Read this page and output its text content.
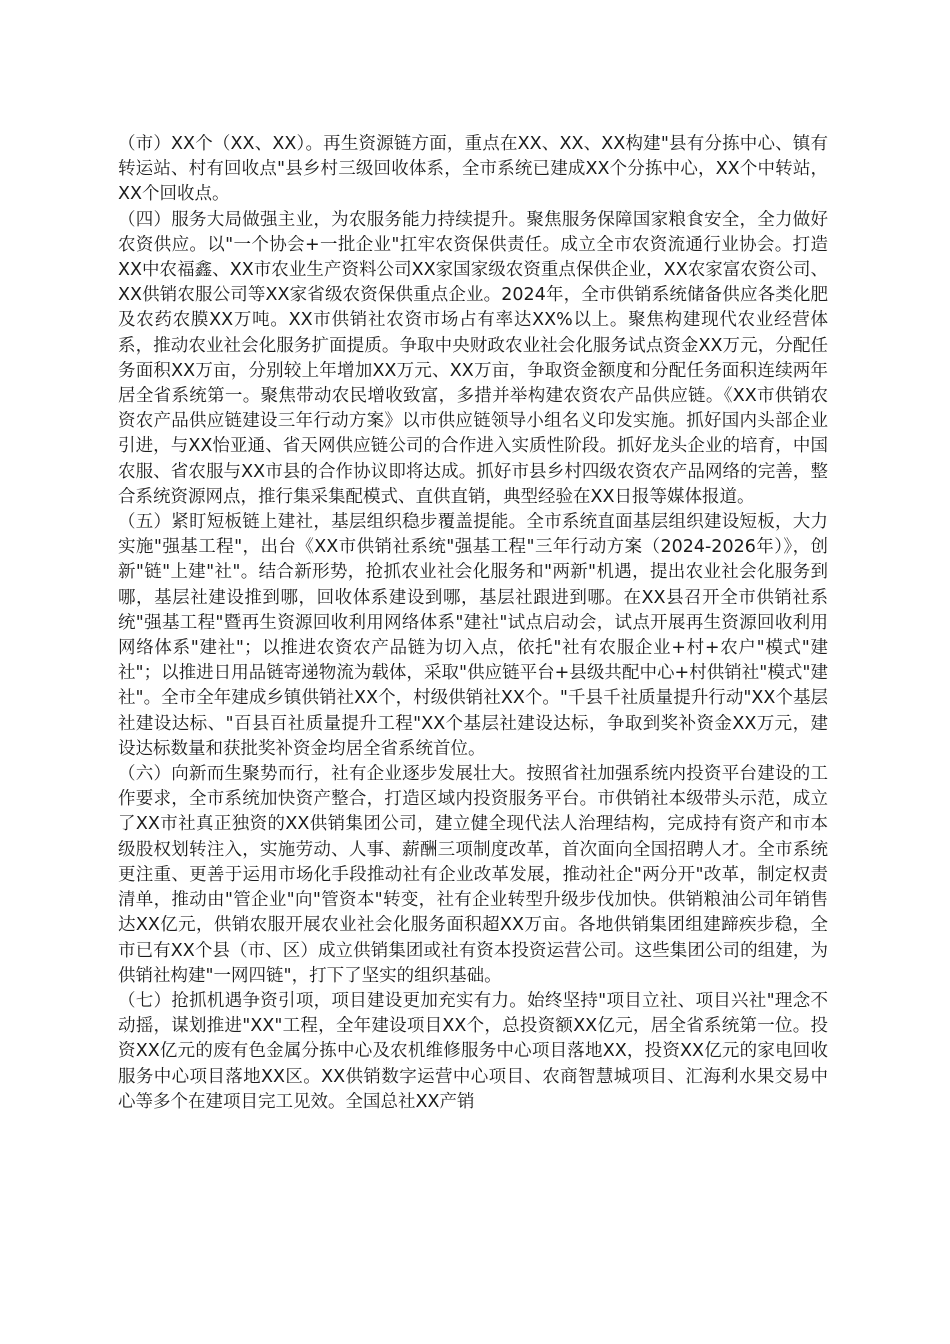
（市）XX个（XX、XX）。再生资源链方面，重点在XX、XX、XX构建"县有分拣中心、镇有转运站、村有回收点"县乡村三级回收体系，全市系统已建成XX个分拣中心，XX个中转站，XX个回收点。

（四）服务大局做强主业，为农服务能力持续提升。聚焦服务保障国家粮食安全，全力做好农资供应。以"一个协会+一批企业"扛牢农资保供责任。成立全市农资流通行业协会。打造XX中农福鑫、XX市农业生产资料公司XX家国家级农资重点保供企业，XX农家富农资公司、XX供销农服公司等XX家省级农资保供重点企业。2024年，全市供销系统储备供应各类化肥及农药农膜XX万吨。XX市供销社农资市场占有率达XX%以上。聚焦构建现代农业经营体系，推动农业社会化服务扩面提质。争取中央财政农业社会化服务试点资金XX万元，分配任务面积XX万亩，分别较上年增加XX万元、XX万亩，争取资金额度和分配任务面积连续两年居全省系统第一。聚焦带动农民增收致富，多措并举构建农资农产品供应链。《XX市供销农资农产品供应链建设三年行动方案》以市供应链领导小组名义印发实施。抓好国内头部企业引进，与XX怡亚通、省天网供应链公司的合作进入实质性阶段。抓好龙头企业的培育，中国农服、省农服与XX市县的合作协议即将达成。抓好市县乡村四级农资农产品网络的完善，整合系统资源网点，推行集采集配模式、直供直销，典型经验在XX日报等媒体报道。

（五）紧盯短板链上建社，基层组织稳步覆盖提能。全市系统直面基层组织建设短板，大力实施"强基工程"，出台《XX市供销社系统"强基工程"三年行动方案（2024-2026年）》，创新"链"上建"社"。结合新形势，抢抓农业社会化服务和"两新"机遇，提出农业社会化服务到哪，基层社建设推到哪，回收体系建设到哪，基层社跟进到哪。在XX县召开全市供销社系统"强基工程"暨再生资源回收利用网络体系"建社"试点启动会，试点开展再生资源回收利用网络体系"建社"；以推进农资农产品链为切入点，依托"社有农服企业+村+农户"模式"建社"；以推进日用品链寄递物流为载体，采取"供应链平台+县级共配中心+村供销社"模式"建社"。全市全年建成乡镇供销社XX个，村级供销社XX个。"千县千社质量提升行动"XX个基层社建设达标、"百县百社质量提升工程"XX个基层社建设达标，争取到奖补资金XX万元，建设达标数量和获批奖补资金均居全省系统首位。

（六）向新而生聚势而行，社有企业逐步发展壮大。按照省社加强系统内投资平台建设的工作要求，全市系统加快资产整合，打造区域内投资服务平台。市供销社本级带头示范，成立了XX市社真正独资的XX供销集团公司，建立健全现代法人治理结构，完成持有资产和市本级股权划转注入，实施劳动、人事、薪酬三项制度改革，首次面向全国招聘人才。全市系统更注重、更善于运用市场化手段推动社有企业改革发展，推动社企"两分开"改革，制定权责清单，推动由"管企业"向"管资本"转变，社有企业转型升级步伐加快。供销粮油公司年销售达XX亿元，供销农服开展农业社会化服务面积超XX万亩。各地供销集团组建蹄疾步稳，全市已有XX个县（市、区）成立供销集团或社有资本投资运营公司。这些集团公司的组建，为供销社构建"一网四链"，打下了坚实的组织基础。

（七）抢抓机遇争资引项，项目建设更加充实有力。始终坚持"项目立社、项目兴社"理念不动摇，谋划推进"XX"工程，全年建设项目XX个，总投资额XX亿元，居全省系统第一位。投资XX亿元的废有色金属分拣中心及农机维修服务中心项目落地XX，投资XX亿元的家电回收服务中心项目落地XX区。XX供销数字运营中心项目、农商智慧城项目、汇海利水果交易中心等多个在建项目完工见效。全国总社XX产销
